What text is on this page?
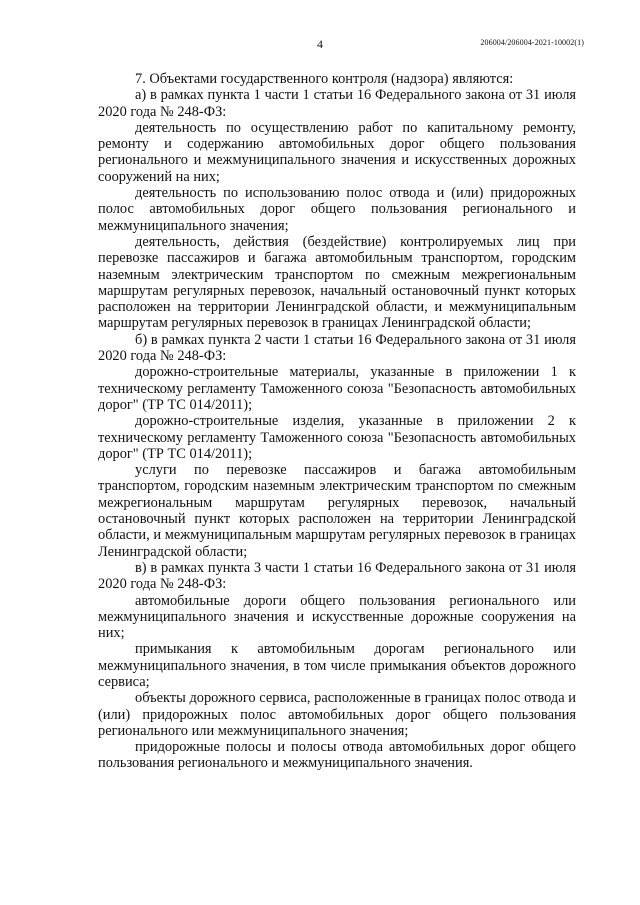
4	206004/206004-2021-10002(1)

7. Объектами государственного контроля (надзора) являются:

а) в рамках пункта 1 части 1 статьи 16 Федерального закона от 31 июля 2020 года № 248-ФЗ:

деятельность по осуществлению работ по капитальному ремонту, ремонту и содержанию автомобильных дорог общего пользования регионального и межмуниципального значения и искусственных дорожных сооружений на них;

деятельность по использованию полос отвода и (или) придорожных полос автомобильных дорог общего пользования регионального и межмуниципального значения;

деятельность, действия (бездействие) контролируемых лиц при перевозке пассажиров и багажа автомобильным транспортом, городским наземным электрическим транспортом по смежным межрегиональным маршрутам регулярных перевозок, начальный остановочный пункт которых расположен на территории Ленинградской области, и межмуниципальным маршрутам регулярных перевозок в границах Ленинградской области;

б) в рамках пункта 2 части 1 статьи 16 Федерального закона от 31 июля 2020 года № 248-ФЗ:

дорожно-строительные материалы, указанные в приложении 1 к техническому регламенту Таможенного союза "Безопасность автомобильных дорог" (ТР ТС 014/2011);

дорожно-строительные изделия, указанные в приложении 2 к техническому регламенту Таможенного союза "Безопасность автомобильных дорог" (ТР ТС 014/2011);

услуги по перевозке пассажиров и багажа автомобильным транспортом, городским наземным электрическим транспортом по смежным межрегиональным маршрутам регулярных перевозок, начальный остановочный пункт которых расположен на территории Ленинградской области, и межмуниципальным маршрутам регулярных перевозок в границах Ленинградской области;

в) в рамках пункта 3 части 1 статьи 16 Федерального закона от 31 июля 2020 года № 248-ФЗ:

автомобильные дороги общего пользования регионального или межмуниципального значения и искусственные дорожные сооружения на них;

примыкания к автомобильным дорогам регионального или межмуниципального значения, в том числе примыкания объектов дорожного сервиса;

объекты дорожного сервиса, расположенные в границах полос отвода и (или) придорожных полос автомобильных дорог общего пользования регионального или межмуниципального значения;

придорожные полосы и полосы отвода автомобильных дорог общего пользования регионального и межмуниципального значения.
